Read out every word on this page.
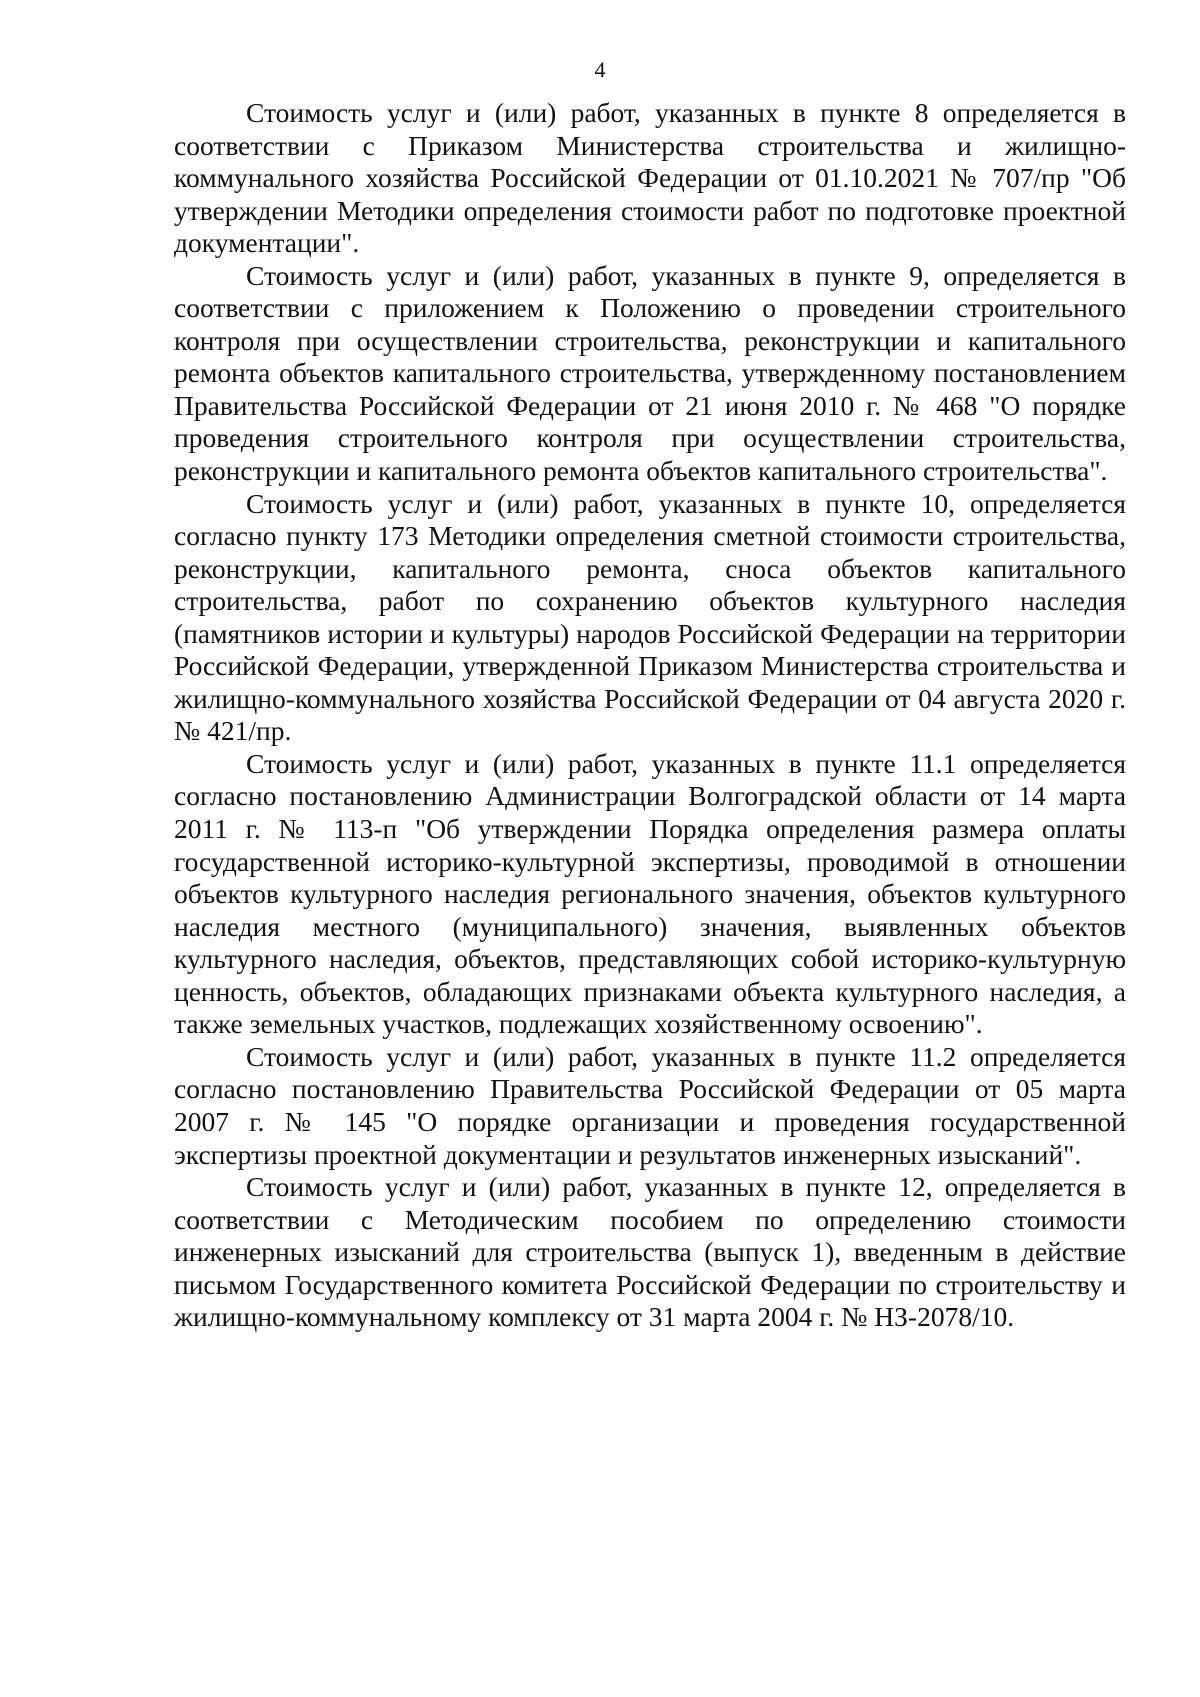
4

Стоимость услуг и (или) работ, указанных в пункте 8 определяется в соответствии с Приказом Министерства строительства и жилищно-коммунального хозяйства Российской Федерации от 01.10.2021 № 707/пр "Об утверждении Методики определения стоимости работ по подготовке проектной документации".

Стоимость услуг и (или) работ, указанных в пункте 9, определяется в соответствии с приложением к Положению о проведении строительного контроля при осуществлении строительства, реконструкции и капитального ремонта объектов капитального строительства, утвержденному постановлением Правительства Российской Федерации от 21 июня 2010 г. № 468 "О порядке проведения строительного контроля при осуществлении строительства, реконструкции и капитального ремонта объектов капитального строительства".

Стоимость услуг и (или) работ, указанных в пункте 10, определяется согласно пункту 173 Методики определения сметной стоимости строительства, реконструкции, капитального ремонта, сноса объектов капитального строительства, работ по сохранению объектов культурного наследия (памятников истории и культуры) народов Российской Федерации на территории Российской Федерации, утвержденной Приказом Министерства строительства и жилищно-коммунального хозяйства Российской Федерации от 04 августа 2020 г. № 421/пр.

Стоимость услуг и (или) работ, указанных в пункте 11.1 определяется согласно постановлению Администрации Волгоградской области от 14 марта 2011 г. № 113-п "Об утверждении Порядка определения размера оплаты государственной историко-культурной экспертизы, проводимой в отношении объектов культурного наследия регионального значения, объектов культурного наследия местного (муниципального) значения, выявленных объектов культурного наследия, объектов, представляющих собой историко-культурную ценность, объектов, обладающих признаками объекта культурного наследия, а также земельных участков, подлежащих хозяйственному освоению".

Стоимость услуг и (или) работ, указанных в пункте 11.2 определяется согласно постановлению Правительства Российской Федерации от 05 марта 2007 г. № 145 "О порядке организации и проведения государственной экспертизы проектной документации и результатов инженерных изысканий".

Стоимость услуг и (или) работ, указанных в пункте 12, определяется в соответствии с Методическим пособием по определению стоимости инженерных изысканий для строительства (выпуск 1), введенным в действие письмом Государственного комитета Российской Федерации по строительству и жилищно-коммунальному комплексу от 31 марта 2004 г. № НЗ-2078/10.
